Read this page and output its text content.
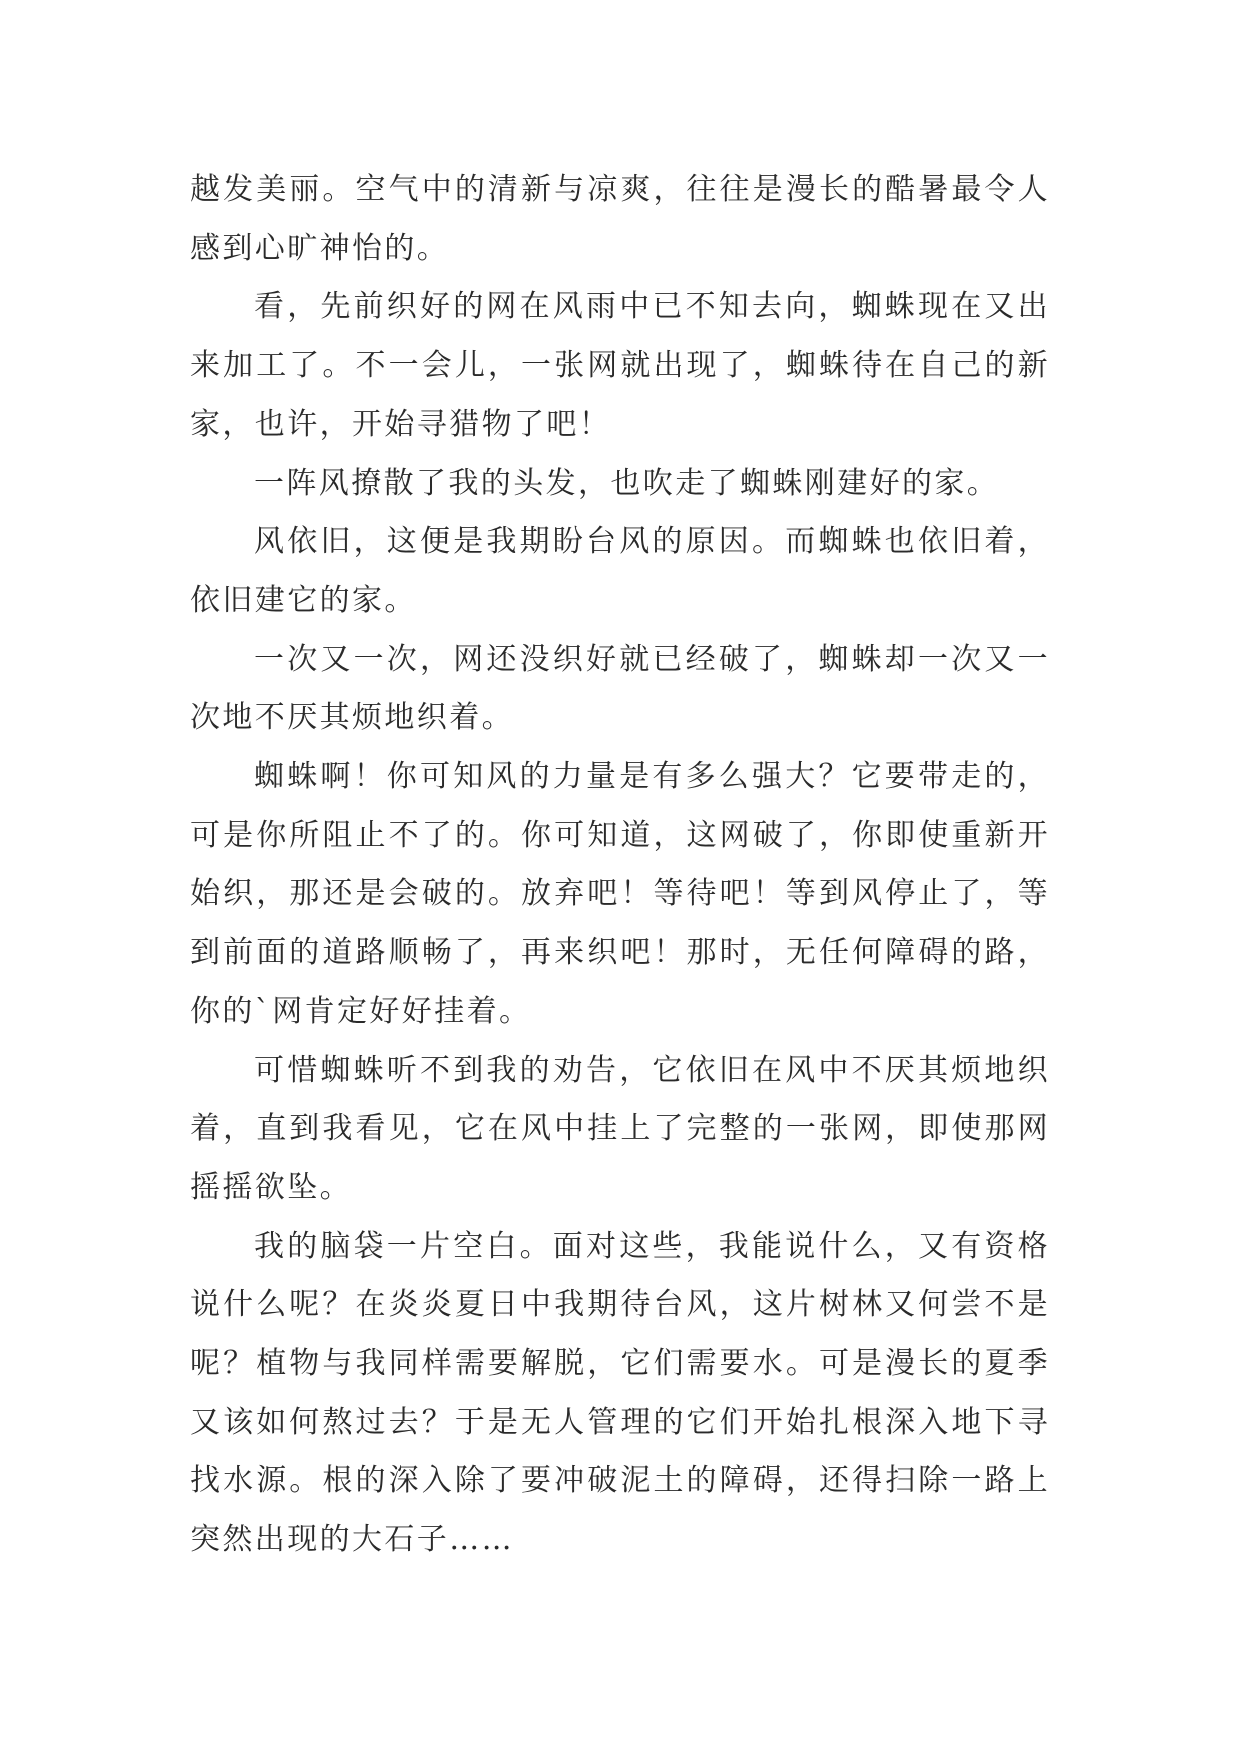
越发美丽。空气中的清新与凉爽，往往是漫长的酷暑最令人感到心旷神怡的。

看，先前织好的网在风雨中已不知去向，蜘蛛现在又出来加工了。不一会儿，一张网就出现了，蜘蛛待在自己的新家，也许，开始寻猎物了吧！

一阵风撩散了我的头发，也吹走了蜘蛛刚建好的家。

风依旧，这便是我期盼台风的原因。而蜘蛛也依旧着，依旧建它的家。

一次又一次，网还没织好就已经破了，蜘蛛却一次又一次地不厌其烦地织着。

蜘蛛啊！你可知风的力量是有多么强大？它要带走的，可是你所阻止不了的。你可知道，这网破了，你即使重新开始织，那还是会破的。放弃吧！等待吧！等到风停止了，等到前面的道路顺畅了，再来织吧！那时，无任何障碍的路，你的`网肯定好好挂着。

可惜蜘蛛听不到我的劝告，它依旧在风中不厌其烦地织着，直到我看见，它在风中挂上了完整的一张网，即使那网摇摇欲坠。

我的脑袋一片空白。面对这些，我能说什么，又有资格说什么呢？在炎炎夏日中我期待台风，这片树林又何尝不是呢？植物与我同样需要解脱，它们需要水。可是漫长的夏季又该如何熬过去？于是无人管理的它们开始扎根深入地下寻找水源。根的深入除了要冲破泥土的障碍，还得扫除一路上突然出现的大石子……
